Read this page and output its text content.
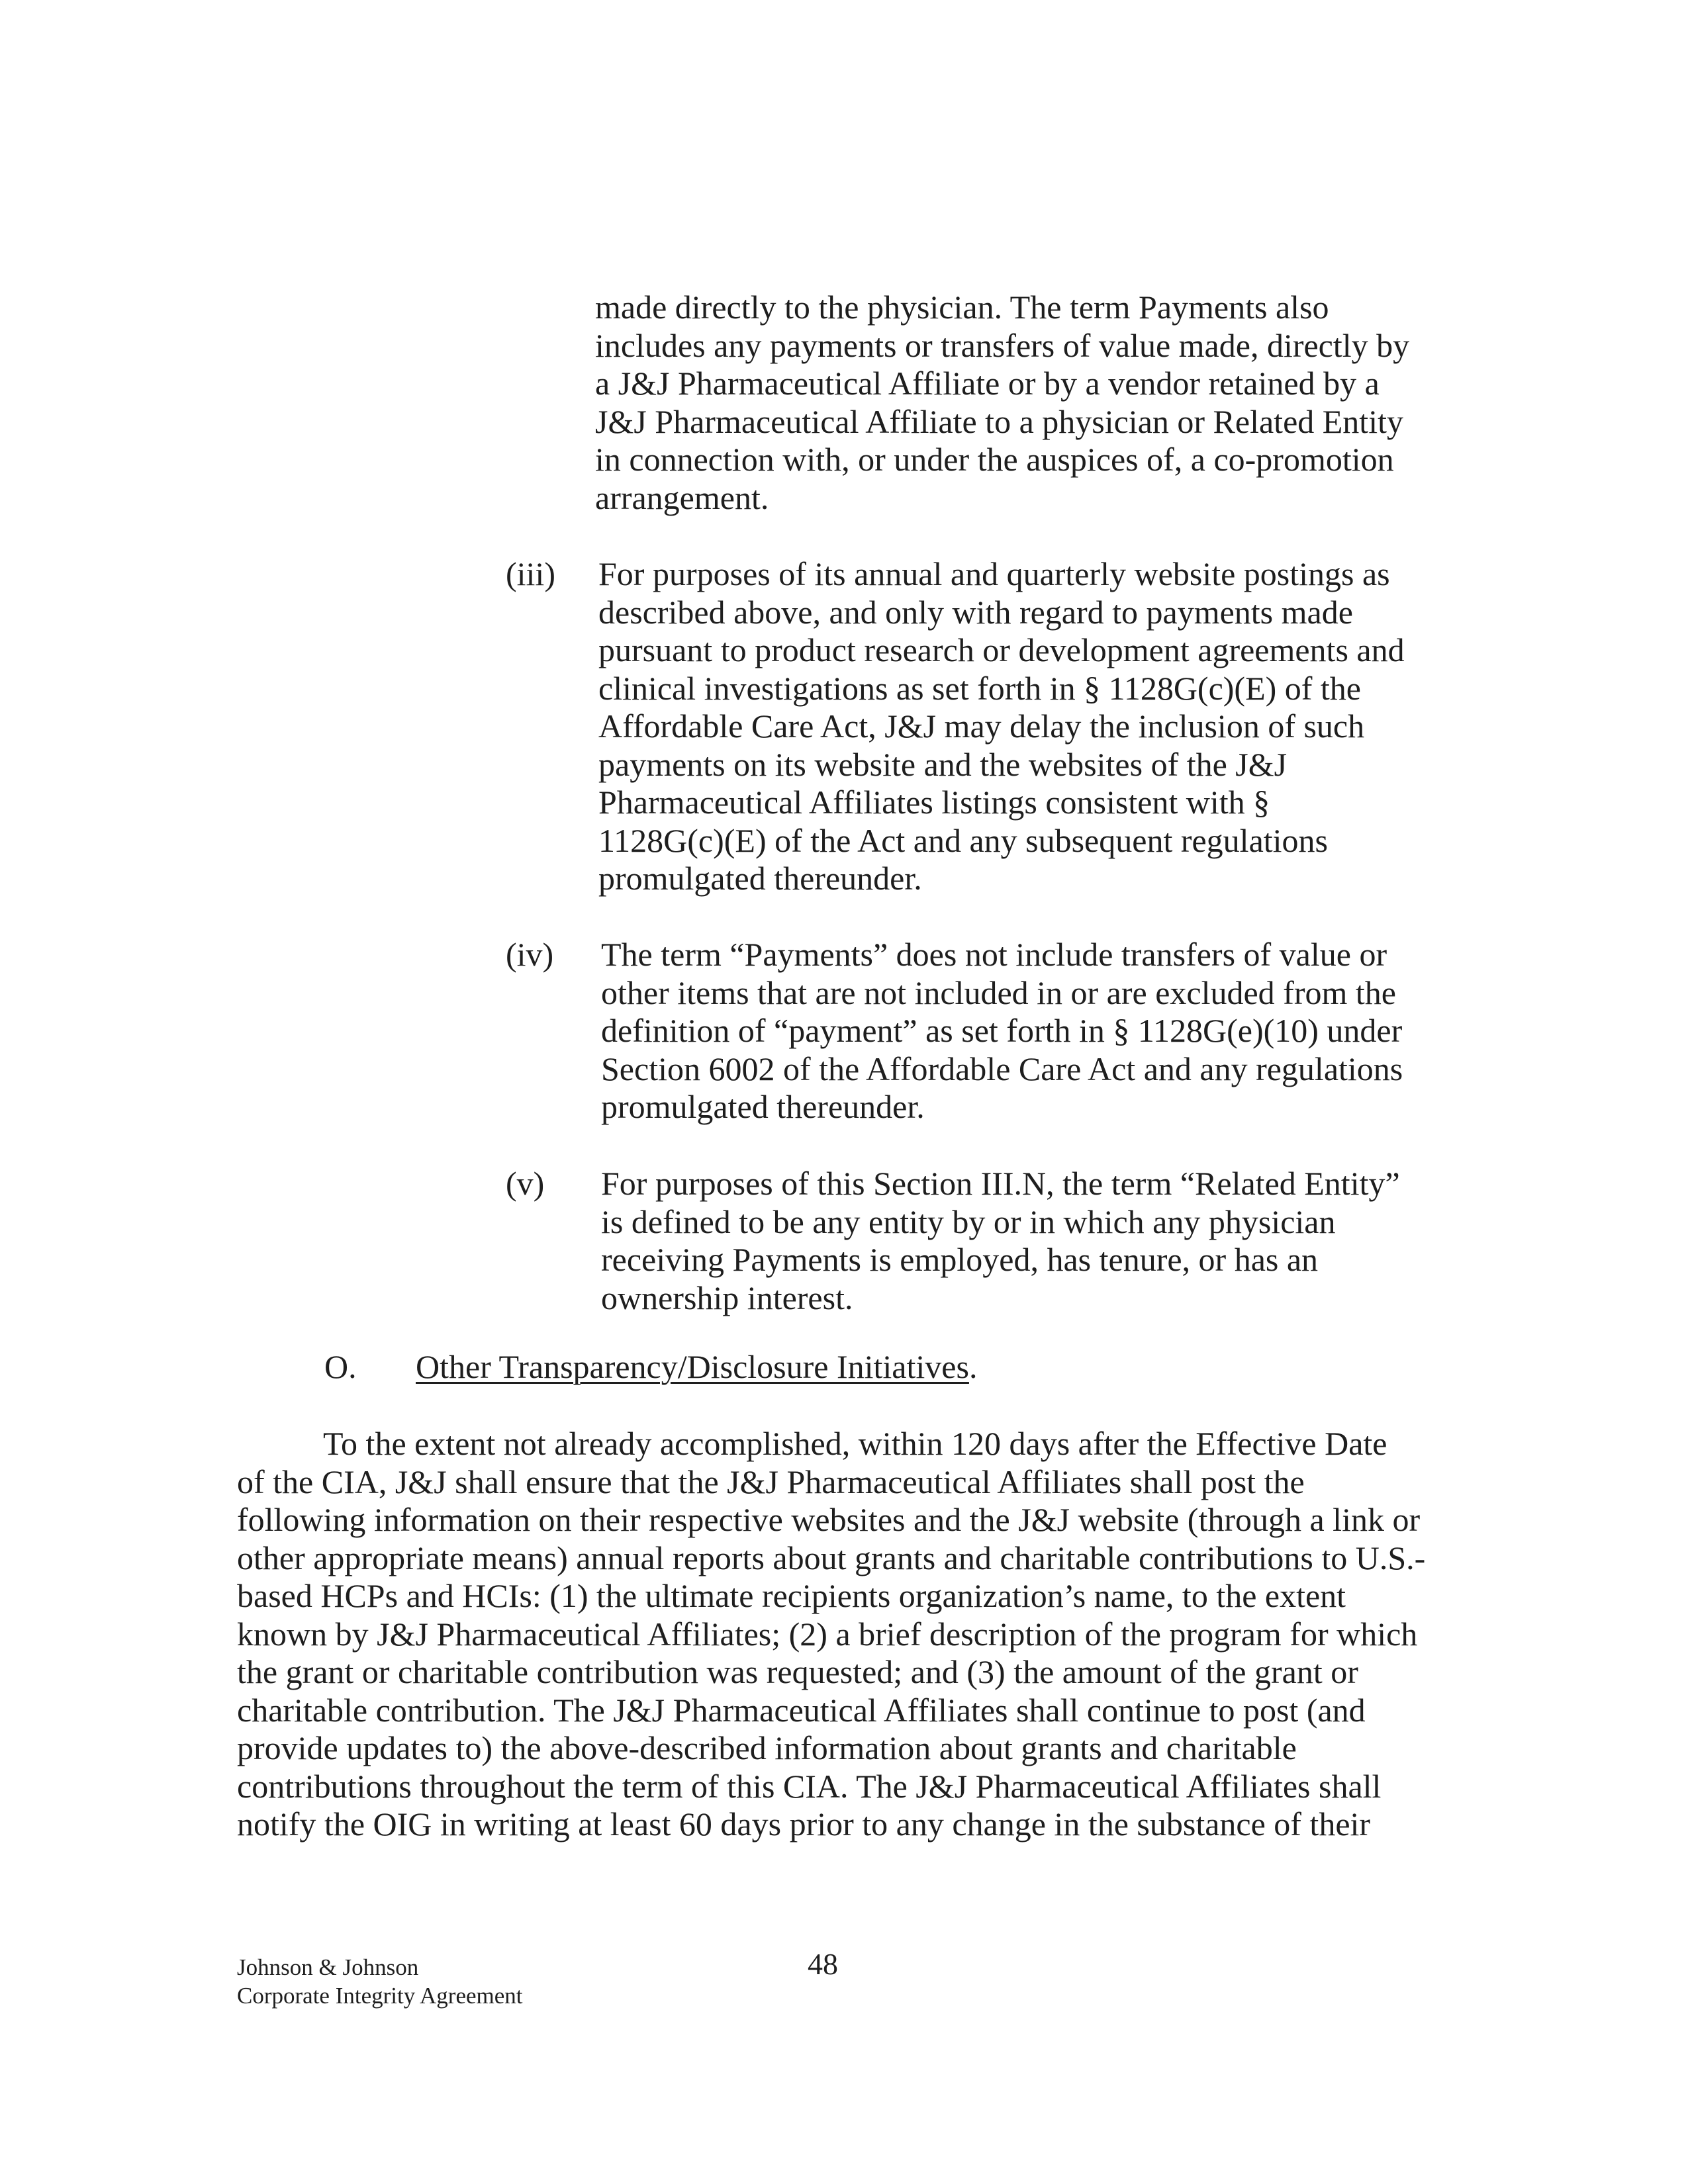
made directly to the physician. The term Payments also
includes any payments or transfers of value made, directly by
a J&J Pharmaceutical Affiliate or by a vendor retained by a
J&J Pharmaceutical Affiliate to a physician or Related Entity
in connection with, or under the auspices of, a co-promotion
arrangement.
(iii) For purposes of its annual and quarterly website postings as
described above, and only with regard to payments made
pursuant to product research or development agreements and
clinical investigations as set forth in § 1128G(c)(E) of the
Affordable Care Act, J&J may delay the inclusion of such
payments on its website and the websites of the J&J
Pharmaceutical Affiliates listings consistent with §
1128G(c)(E) of the Act and any subsequent regulations
promulgated thereunder.
(iv) The term “Payments” does not include transfers of value or
other items that are not included in or are excluded from the
definition of “payment” as set forth in § 1128G(e)(10) under
Section 6002 of the Affordable Care Act and any regulations
promulgated thereunder.
(v) For purposes of this Section III.N, the term “Related Entity”
is defined to be any entity by or in which any physician
receiving Payments is employed, has tenure, or has an
ownership interest.
O. Other Transparency/Disclosure Initiatives.
To the extent not already accomplished, within 120 days after the Effective Date
of the CIA, J&J shall ensure that the J&J Pharmaceutical Affiliates shall post the
following information on their respective websites and the J&J website (through a link or
other appropriate means) annual reports about grants and charitable contributions to U.S.-
based HCPs and HCIs: (1) the ultimate recipients organization’s name, to the extent
known by J&J Pharmaceutical Affiliates; (2) a brief description of the program for which
the grant or charitable contribution was requested; and (3) the amount of the grant or
charitable contribution. The J&J Pharmaceutical Affiliates shall continue to post (and
provide updates to) the above-described information about grants and charitable
contributions throughout the term of this CIA. The J&J Pharmaceutical Affiliates shall
notify the OIG in writing at least 60 days prior to any change in the substance of their
Johnson & Johnson
Corporate Integrity Agreement
48
